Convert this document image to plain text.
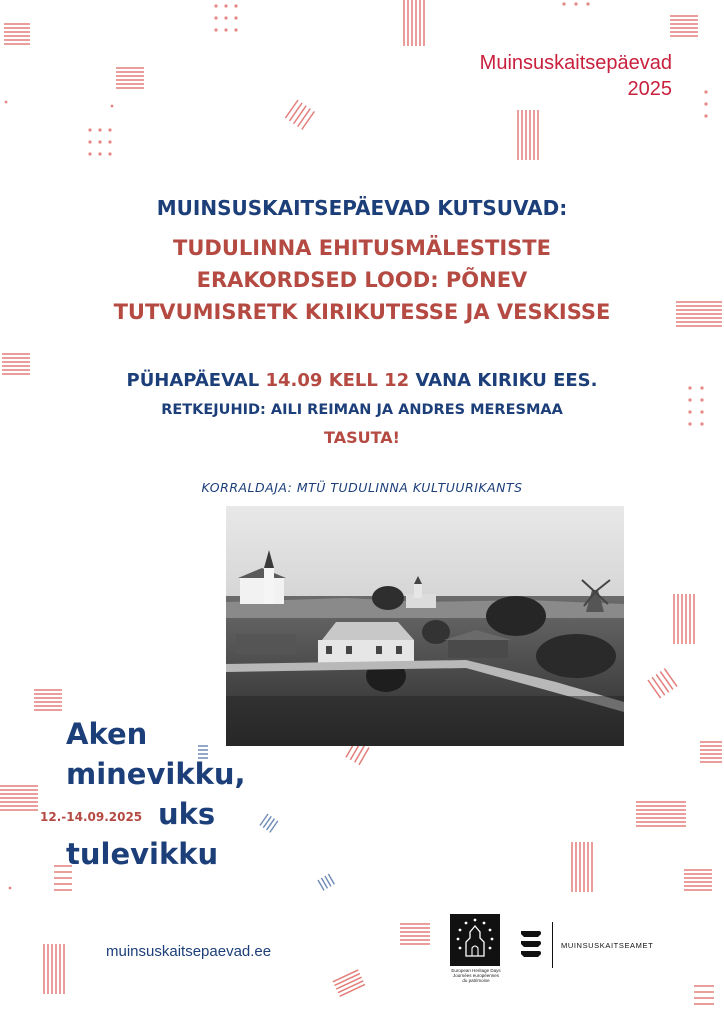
Muinsuskaitsepäevad
2025
MUINSUSKAITSEPÄEVAD KUTSUVAD:
TUDULINNA EHITUSMÄLESTISTE
ERAKORDSED LOOD: PÕNEV
TUTVUMISRETK KIRIKUTESSE JA VESKISSE
PÜHAPÄEVAL 14.09 KELL 12 VANA KIRIKU EES.
RETKEJUHID: AILI REIMAN JA ANDRES MERESMAA
TASUTA!
KORRALDAJA: MTÜ TUDULINNA KULTUURIKANTS
Aken
minevikku,
uks
tulevikku
12.-14.09.2025
muinsuskaitsepaevad.ee
European Heritage Days
Journées européennes
du patrimoine
MUINSUSKAITSEAMET
